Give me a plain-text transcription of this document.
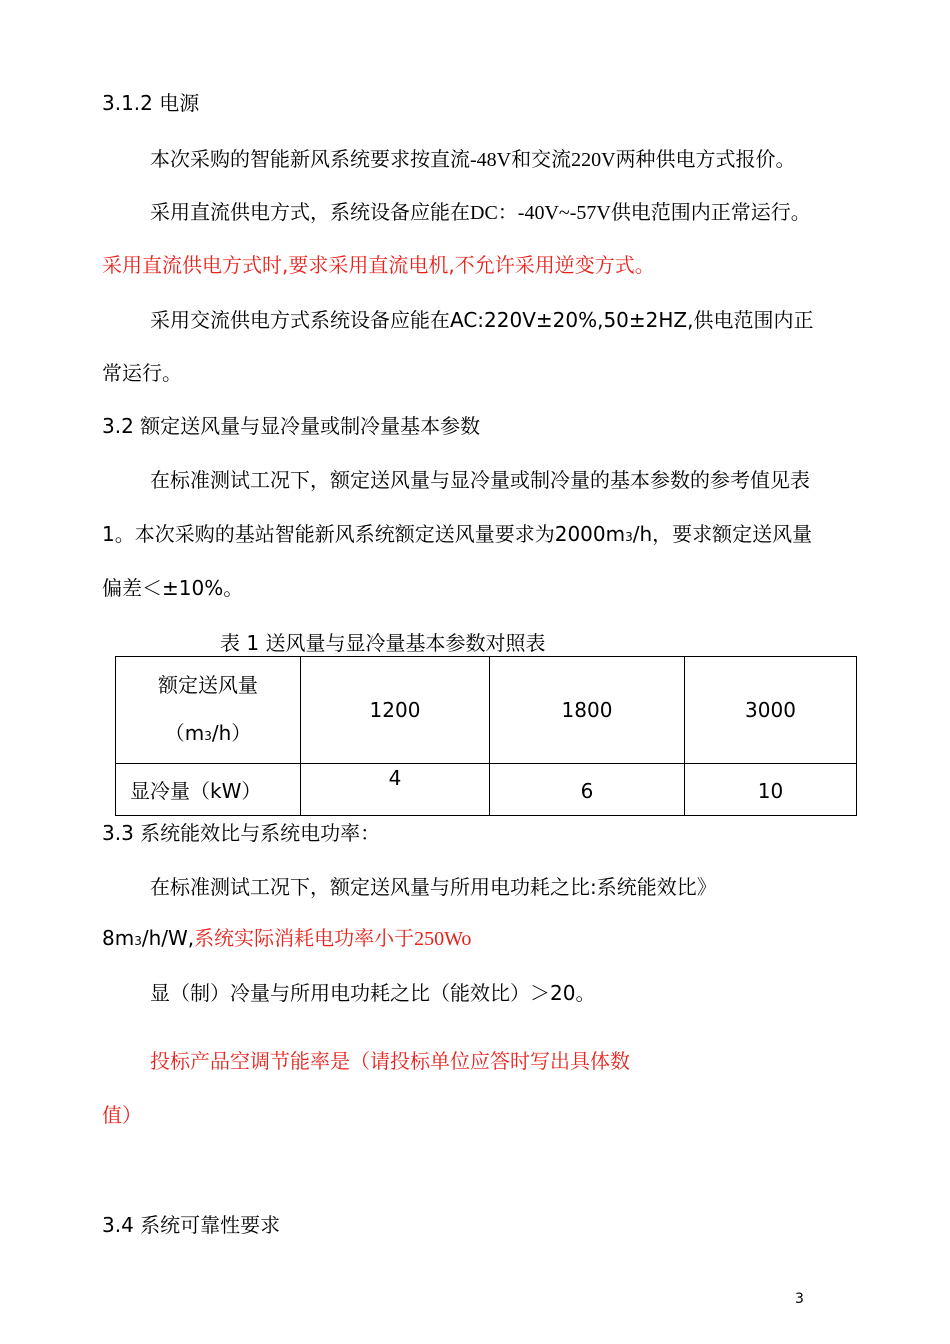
3.1.2 电源
本次采购的智能新风系统要求按直流-48V和交流220V两种供电方式报价。
采用直流供电方式，系统设备应能在DC：-40V~-57V供电范围内正常运行。
采用直流供电方式时,要求采用直流电机,不允许采用逆变方式。
采用交流供电方式系统设备应能在AC:220V±20%,50±2HZ,供电范围内正
常运行。
3.2 额定送风量与显冷量或制冷量基本参数
在标准测试工况下，额定送风量与显冷量或制冷量的基本参数的参考值见表
1。本次采购的基站智能新风系统额定送风量要求为2000m3/h，要求额定送风量
偏差＜±10%。
表 1 送风量与显冷量基本参数对照表
额定送风量
（m3/h）	1200	1800	3000
显冷量（kW）	4	6	10
3.3 系统能效比与系统电功率：
在标准测试工况下，额定送风量与所用电功耗之比:系统能效比》
8m3/h/W,系统实际消耗电功率小于250Wo
显（制）冷量与所用电功耗之比（能效比）＞20。
投标产品空调节能率是（请投标单位应答时写出具体数
值）
3.4 系统可靠性要求
3
